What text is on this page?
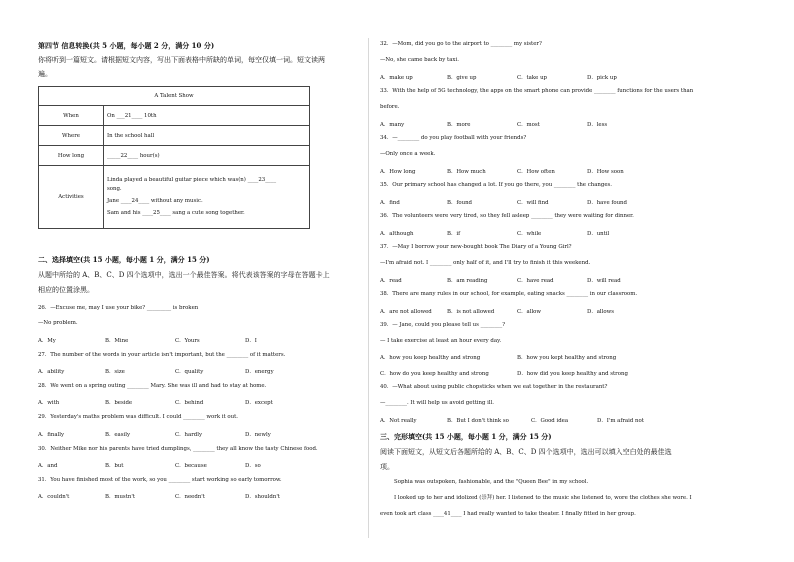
第四节 信息转换(共 5 小题，每小题 2 分，满分 10 分)
你将听到一篇短文。请根据短文内容，写出下面表格中所缺的单词，每空仅填一词。短文读两
遍。
A Talent Show	
When	On ___21____ 10th
Where	In the school hall
How long	_____22____ hour(s)
Activities	Linda played a beautiful guitar piece which was(n) ____23____
song.
Jane ____24____ without any music.
Sam and his ____25____ sang a cute song together.
二、选择填空(共 15 小题，每小题 1 分，满分 15 分)
从题中所给的 A、B、C、D 四个选项中，选出一个最佳答案。将代表该答案的字母在答题卡上
相应的位置涂黑。
26．—Excuse me, may I use your bike? _________ is broken
—No problem.
A．My	B．Mine	C．Yours	D．I
27．The number of the words in your article isn't important, but the ________ of it matters.
A．ability	B．size	C．quality	D．energy
28．We went on a spring outing ________ Mary. She was ill and had to stay at home.
A．with	B．beside	C．behind	D．except
29．Yesterday's maths problem was difficult. I could ________ work it out.
A．finally	B．easily	C．hardly	D．newly
30．Neither Mike nor his parents have tried dumplings, ________ they all know the tasty Chinese food.
A．and	B．but	C．because	D．so
31．You have finished most of the work, so you ________ start working so early tomorrow.
A．couldn't	B．mustn't	C．needn't	D．shouldn't
32．—Mom, did you go to the airport to ________ my sister?
—No, she came back by taxi.
A．make up	B．give up	C．take up	D．pick up
33．With the help of 5G technology, the apps on the smart phone can provide ________ functions for the users than
before.
A．many	B．more	C．most	D．less
34．—________ do you play football with your friends?
—Only once a week.
A．How long	B．How much	C．How often	D．How soon
35．Our primary school has changed a lot. If you go there, you ________ the changes.
A．find	B．found	C．will find	D．have found
36．The volunteers were very tired, so they fell asleep ________ they were waiting for dinner.
A．although	B．if	C．while	D．until
37．—May I borrow your new-bought book The Diary of a Young Girl?
—I'm afraid not. I ________ only half of it, and I'll try to finish it this weekend.
A．read	B．am reading	C．have read	D．will read
38．There are many rules in our school, for example, eating snacks ________ in our classroom.
A．are not allowed	B．is not allowed	C．allow	D．allows
39．— Jane, could you please tell us ________?
— I take exercise at least an hour every day.
A．how you keep healthy and strong	B．how you kept healthy and strong
C．how do you keep healthy and strong	D．how did you keep healthy and strong
40．—What about using public chopsticks when we eat together in the restaurant?
—________. It will help us avoid getting ill.
A．Not really	B．But I don't think so	C．Good idea	D．I'm afraid not
三、完形填空(共 15 小题，每小题 1 分，满分 15 分)
阅读下面短文，从短文后各题所给的 A、B、C、D 四个选项中，选出可以填入空白处的最佳选
项。
Sophia was outspoken, fashionable, and the "Queen Bee" in my school.
I looked up to her and idolized (崇拜) her. I listened to the music she listened to, wore the clothes she wore. I
even took art class ____41____ I had really wanted to take theater. I finally fitted in her group.
